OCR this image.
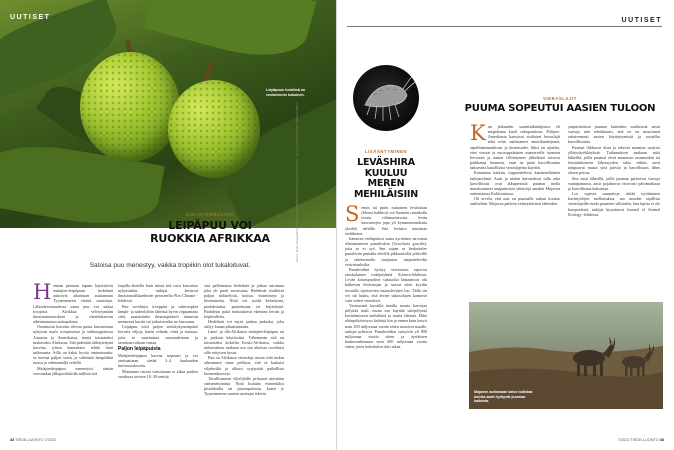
UUTISET
Leipäpuun hedelmä on vesimelonin kokoinen.
Kuvat: Taylor Design/Shutterstock, Cozza/Shutterstock & Fayrington Brisbane / Alamy, Collection Illinois, Michael Wilson
ILMASTONMUUTOS
LEIPÄPUU VOI
RUOKKIA AFRIKKAA
Satoisa puu menestyy, vaikka tropiikin olot tukaloituvat.
H eiman perunan tapaan käytettävät malajien-leipäpuun hedelmät auttoivat aikoinaan asuttamaan Tyynenmeren etäisiä saaristoja. Lähitulevaisuudessa sama puu voi auttaa troopisia Afrikkaa selviytymään ilmastonmuutoksen ja väestönkasvun aiheuttamasta ruokapulasta.

Oseaniasta kotoisin olevaa puuta kasvatetaan nykyisin myös troopissessa ja subtrooppisessa Aasiassa ja Amerikassa, mutta toistaiseksi mukavaksi Afrikassa. Sitä pidetään alikäytettynä kasvina, johon kannattaisi tehdä lisää tutkimusta. Sillä on kaksi hyvää ominaisuutta: se tuottaa paljon satoa, ja vähentää lämpötilan nousu ja vähemmällä vedellä.

Malajienleipäpuu menestyisi tämän vuosisadan jälkipuoliskolla milloin sitä

laajalla alueella kuin missä sitä voisi kasvattaa nykyisinkin, tutkijat kertovat ilmastomallikaelmien perusteella Plos Climate -lehdessä.

Puu soveltuisi trooppiin ja subtroopkin lämpö- ja sadeoloihin läheistä hyvin riippumatta siitä, saataisiinko ilmastopäästöt tuntuvan menneesä kuriin vai jatkaisivatko ne kasvuaan.

Leipäpuu voisi paljon sietokykyisempänä korvata viljoja, kuten vehnää, riisiä ja maissia, jotta se suurimmat satotaudeitaan ja ravintoarvoltaan vastaa.

Paljon leipäpuista

Malajienleipäpuu kasvaa nopeasti ja voi asettuatuaan sietää 3–4 kuukauden kuivuusiaksioita.

Muutamia vuosia vartuttuaan se alkaa puskea vuodessa toiseen 10–30 senttiä

sisä pallomaisia hedelmiä ja jatkaa satoisana joka yli puoli vuosisataa. Hedelmät sisältävät paljon tärkkelystä, kuitua, vitamiineja ja hivenaineita. Niitä voi syödä keitettyinä, paahdettuina, paistettuina tai käytettynä. Paahdetut palat muistuttavat ekenttea leivän ja leipävalleita.

Hedelmät voi myös jauhaa jauhoksi, joka säilyy kauan pilaantumatta.

Lämi- ja tilä-Afrikassa malajien-leipäpuu on jo paikoin käytössäsä. Vähemmän sitä on toistaiseksi kokeiltu Keski-Afrikassa, vaikka tutkimuksen mukaan osa sen alueista soveltuisi sille erityisen hyvin.

Puu on Afrikassa vieraslaji, mutta siitä tuskin aiheutunee sinne peikkoa, että se karkaisi viljelmiltä ja alkaisi syrjäyttää paikallisia luonnonkasveja.

Tavallisimmat viljelijöille peilaavat nimittäin siemenettöminä. Niitä lisätään esimerkiksi pistokkailla tai juurenpaloista, kuten jo Tyynenmeren saarten asuttajat tekivät.

32 TIEDE-LUONTO 7/2022
UUTISET
7/2022 TIEDE-LUONTO 33
LISÄÄNTYMINEN
LEVÄSHIRA
KUULUU MEREN
MEHILÄISIIN
S entin tai pinin mittainen leväshiran (Idotea balthica) voi Suomen rannikolla tavata vähäsuolaisesta levän kasvustojen jopa yli kymmenentuhatta yksilöä neliölle. Sitä leväsira mutustaa eteläkesen.

Itämeren eteläpäässä sama äyriäinen tarvaituu rihmamaiseen punaleväiin (Gracilaria gracilis), joita se ei syö. Sen sijaan se herkuttelee punalevän pinnalla elävillä pikkuruisilla piilevillä ja taketurmalla suojautuu niepottelevilta veävirtauksilta.

Punaleväkin hyötyy vierastaan, raportoi ranskalainen tutkijaryhmä Science-lehdessä. Levän koiraspuoliset suksuolut lämautuvat ohi kulkevan leväsirojan ja saavat siten kyydin toisaalla sijaitsevien naarasleväjen luo. Tällä sin ovi siä luultu, että levien sukusolujen kantavat vain veden virtaukset.

Vastaavasti kuvailla maalla monia kasvejaa pölyttää tuuli, mutta osa käyttää siitepölynsä kevittämiseen mehiläisiä ja muita eläimiä. Ehkä eläinpölytteisyys kehittyi kin jo ennen kuin kasvit noin 450 miljoonaa vuotta sitten nousivat maalle, tutkijat pohtivat. Punalevätkin syntyivät yli 800 miljoonaa vuotta sitten ja äyriäisten kantavanhemmat noin 600 miljoonaa vuotta sitten, joten kokeiluhin riitti aikaa.

VIERASLAJIT
PUUMA SOPEUTUI AASIEN TULOON
K un jäikauden suurnisäkäslajistoa eli megafauna kuoli sukupuuttoon, Pohjois-Amerikasta katosivat sisälaiset hevoslajit sekä niitä saalistaneet amerikanleijonat, sapelihammaskissat ja hirmusudet. Siksi on ajateltu, ettei vieraat ja eurooppalaisten mantereelle tuomien hevosten ja aasien villiintyneet jälkeläiset toisivat paikkansa luontoon, vaan ne pitää kasvillisuutta tuhoavina haitallisina vieraslajeina käyttää.

Kannattaa harkita, tuppuottelevat kaniseneläinten tutkijaryhmä. Aasit ja niiden kaivaidessa tulla arka kasvillisuus ovat alkuperäisiä puumat tuella muodostaneet tasapainoisia yhteisöjä ainakin Mojaven autiomaassa Kaliforniassa.

Oli arvelu, että aasi on puumalle turhan kookas saaliseläin. Mojavea paikoin vehreyttäviien lähteiden

ympäristöissä puumat kuitenkin saalistavat aasin varsoja niin tehokkaasti, että ne on muuttunut rattaisemasti aasien käyttäytymistä ja suojellut kasvillisuutta.

Puumat liikkuvat öisin ja tekevät maaston suojista yllätyshyökkäyksiä. Tutkimuksen mukaan niitä lähteillä, joilla puumat elvät maastoon avomuoden tai leirintäaluiseen lähessyyden takia vähiin, aasit tampaavat maata yötä päivää ja kasvillisuus lähes ohuen poissa.

Siin aasit lähteillä, joilla puumat partioivat varsoja vaanipamassa, aasit pojahtavat varovasti päivänaikaan ja kasvillisuus kukoistaa.

Los sopivia suurpetoja riittää nyttittainen kavimyöhjen mellastuksia, ma muiden rajallisia vieraslajeille tuoda puumien silloinkin, kun lajista ei ole kotoperäistä, tutkijat kirjoittavat Journal of Animal Ecology -lehdessä.

Mojaven autiomaan kaivo todistaa kuinka aasit hyötyvät puumaa kaikesta.
